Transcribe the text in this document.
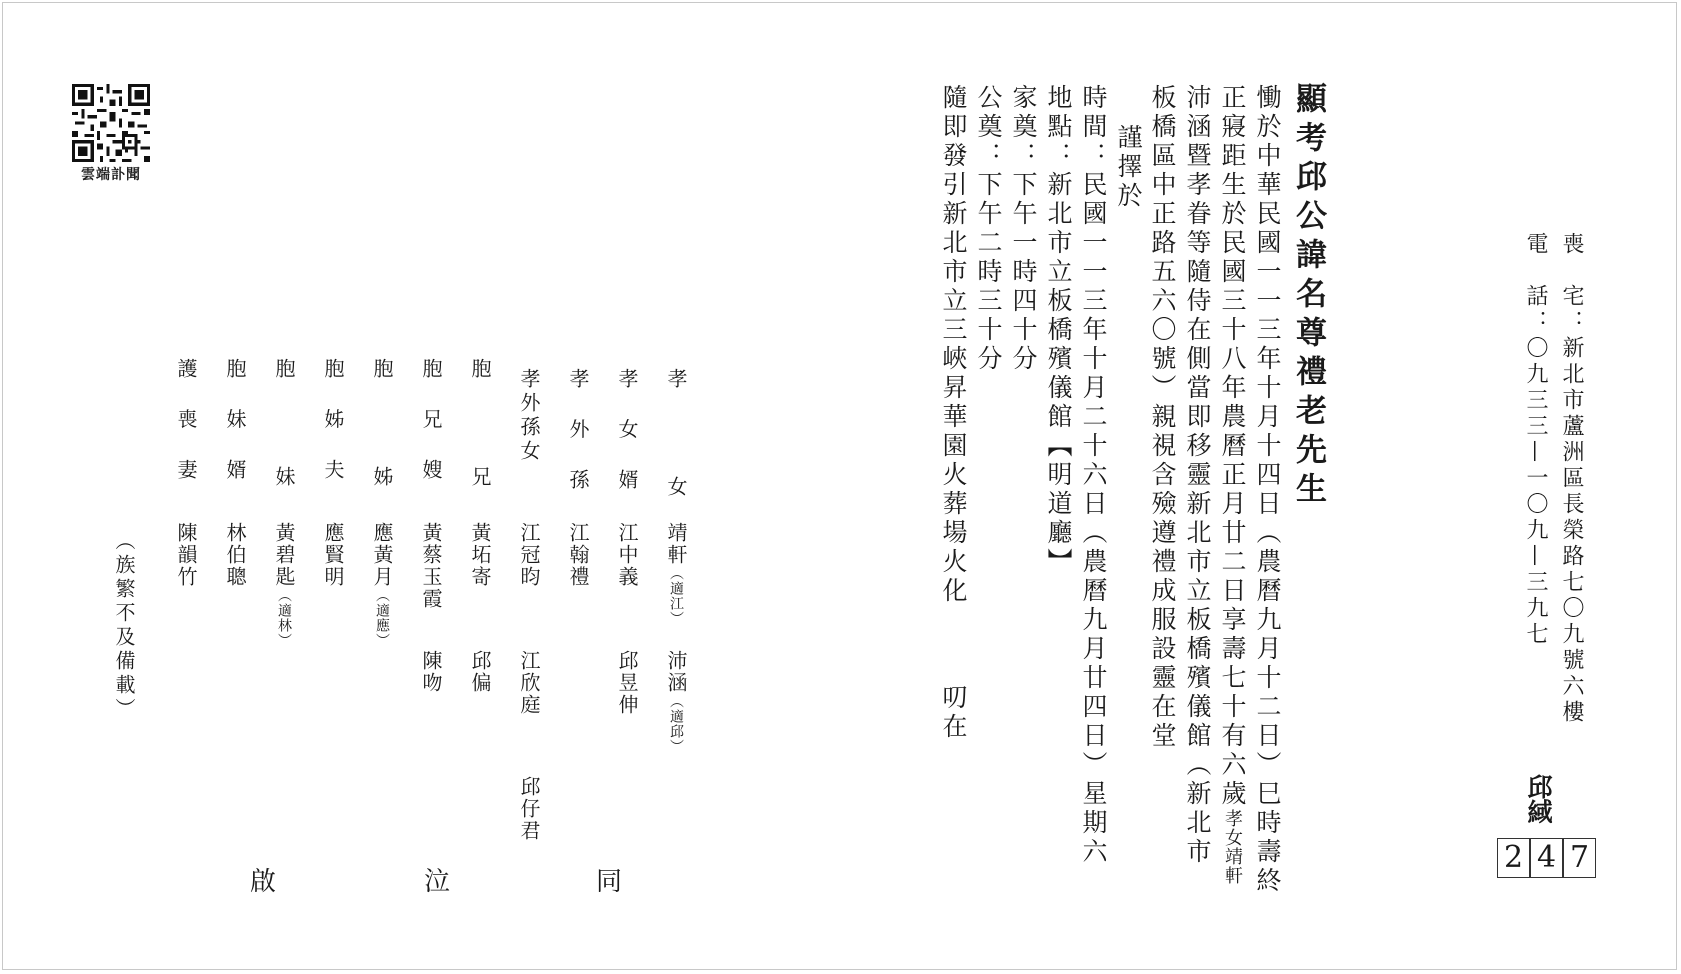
雲端訃聞
喪　宅：新北市蘆洲區長榮路七〇九號六樓
電　話：〇九三三—一〇九—三九七
邱緎
2 4 7
顯考邱公諱名尊禮老先生
慟於中華民國一一三年十月十四日（農曆九月十二日）巳時壽終
正寢距生於民國三十八年農曆正月廿二日享壽七十有六歲孝女靖軒
沛涵暨孝眷等隨侍在側當即移靈新北市立板橋殯儀館（新北市
板橋區中正路五六〇號）親視含殮遵禮成服設靈在堂
謹擇於
時間：民國一一三年十月二十六日（農曆九月廿四日）星期六
地點：新北市立板橋殯儀館【明道廳】
家奠：下午一時四十分
公奠：下午二時三十分
隨即發引新北市立三峽昇華園火葬場火化
叨在
孝　　女
孝 女 婿
孝 外 孫
孝外孫女
胞　　兄
胞 兄 嫂
胞　　姊
胞 姊 夫
胞　　妹
胞 妹 婿
護 喪 妻
靖軒（適江）
沛涵（適邱）
江中義
邱昱伸
江翰禮
江冠昀
江欣庭
邱仔君
黃坧寄
邱偏
黃蔡玉霞
陳吻
應黃月（適應）
應賢明
黃碧匙（適林）
林伯聰
陳韻竹
（族繁不及備載）
啟	泣	同
